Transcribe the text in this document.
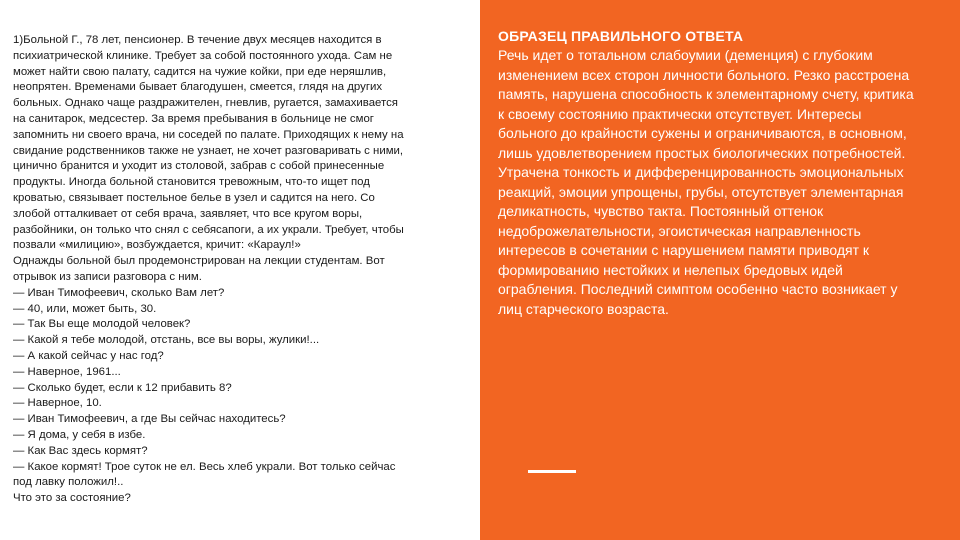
1)Больной Г., 78 лет, пенсионер. В течение двух месяцев находится в
психиатрической клинике. Требует за собой постоянного ухода. Сам не
может найти свою палату, садится на чужие койки, при еде неряшлив,
неопрятен. Временами бывает благодушен, смеется, глядя на других
больных. Однако чаще раздражителен, гневлив, ругается, замахивается
на санитарок, медсестер. За время пребывания в больнице не смог
запомнить ни своего врача, ни соседей по палате. Приходящих к нему на
свидание родственников также не узнает, не хочет разговаривать с ними,
цинично бранится и уходит из столовой, забрав с собой принесенные
продукты. Иногда больной становится тревожным, что-то ищет под
кроватью, связывает постельное белье в узел и садится на него. Со
злобой отталкивает от себя врача, заявляет, что все кругом воры,
разбойники, он только что снял с себясапоги, а их украли. Требует, чтобы
позвали «милицию», возбуждается, кричит: «Караул!»
Однажды больной был продемонстрирован на лекции студентам. Вот
отрывок из записи разговора с ним.
— Иван Тимофеевич, сколько Вам лет?
— 40, или, может быть, 30.
— Так Вы еще молодой человек?
— Какой я тебе молодой, отстань, все вы воры, жулики!...
— А какой сейчас у нас год?
— Наверное, 1961...
— Сколько будет, если к 12 прибавить 8?
— Наверное, 10.
— Иван Тимофеевич, а где Вы сейчас находитесь?
— Я дома, у себя в избе.
— Как Вас здесь кормят?
— Какое кормят! Трое суток не ел. Весь хлеб украли. Вот только сейчас
под лавку положил!..
Что это за состояние?

ОБРАЗЕЦ ПРАВИЛЬНОГО ОТВЕТА

Речь идет о тотальном слабоумии (деменция) с глубоким изменением всех сторон личности больного. Резко расстроена память, нарушена способность к элементарному счету, критика к своему состоянию практически отсутствует. Интересы больного до крайности сужены и ограничиваются, в основном, лишь удовлетворением простых биологических потребностей. Утрачена тонкость и дифференцированность эмоциональных реакций, эмоции упрощены, грубы, отсутствует элементарная деликатность, чувство такта. Постоянный оттенок недоброжелательности, эгоистическая направленность интересов в сочетании с нарушением памяти приводят к формированию нестойких и нелепых бредовых идей ограбления. Последний симптом особенно часто возникает у лиц старческого возраста.
